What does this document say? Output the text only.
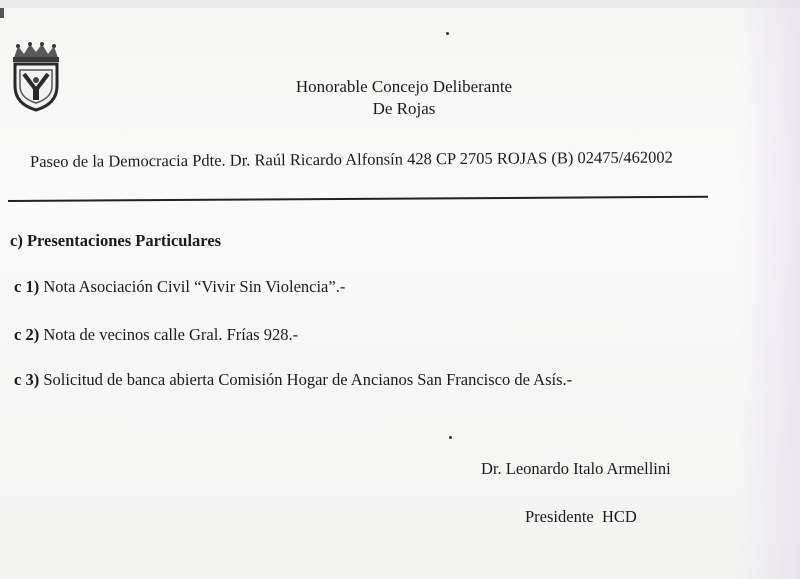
Honorable Concejo Deliberante
De Rojas
Paseo de la Democracia Pdte. Dr. Raúl Ricardo Alfonsín 428 CP 2705 ROJAS (B) 02475/462002
c) Presentaciones Particulares
c 1) Nota Asociación Civil “Vivir Sin Violencia”.-
c 2) Nota de vecinos calle Gral. Frías 928.-
c 3) Solicitud de banca abierta Comisión Hogar de Ancianos San Francisco de Asís.-
Dr. Leonardo Italo Armellini
Presidente  HCD
